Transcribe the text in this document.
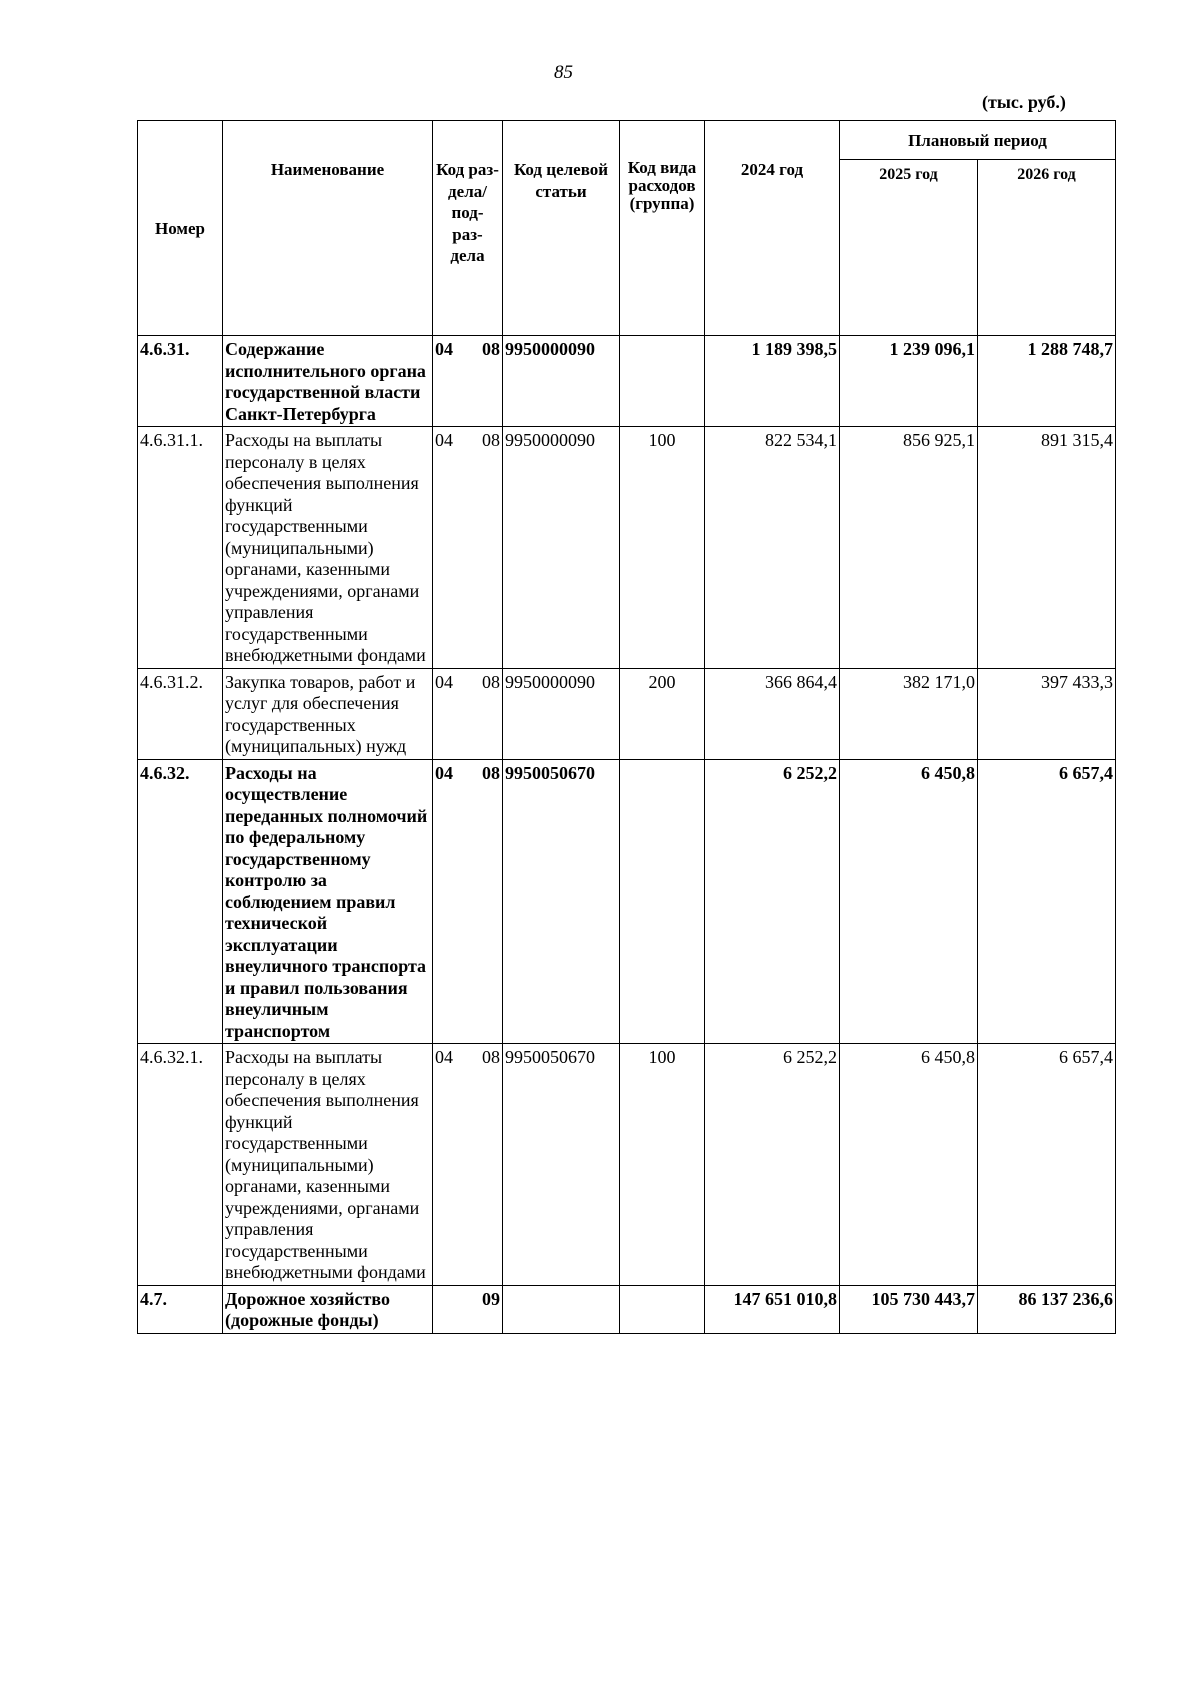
85
(тыс. руб.)
Номер	Наименование	Код раз- дела/ под- раз- дела	Код целевой статьи	Код вида расходов (группа)	2024 год	Плановый период	
						2025 год	2026 год
4.6.31.	Содержание исполнительного органа государственной власти Санкт-Петербурга	04 08	9950000090		1 189 398,5	1 239 096,1	1 288 748,7
4.6.31.1.	Расходы на выплаты персоналу в целях обеспечения выполнения функций государственными (муниципальными) органами, казенными учреждениями, органами управления государственными внебюджетными фондами	04 08	9950000090	100	822 534,1	856 925,1	891 315,4
4.6.31.2.	Закупка товаров, работ и услуг для обеспечения государственных (муниципальных) нужд	04 08	9950000090	200	366 864,4	382 171,0	397 433,3
4.6.32.	Расходы на осуществление переданных полномочий по федеральному государственному контролю за соблюдением правил технической эксплуатации внеуличного транспорта и правил пользования внеуличным транспортом	04 08	9950050670		6 252,2	6 450,8	6 657,4
4.6.32.1.	Расходы на выплаты персоналу в целях обеспечения выполнения функций государственными (муниципальными) органами, казенными учреждениями, органами управления государственными внебюджетными фондами	04 08	9950050670	100	6 252,2	6 450,8	6 657,4
4.7.	Дорожное хозяйство (дорожные фонды)	09			147 651 010,8	105 730 443,7	86 137 236,6
